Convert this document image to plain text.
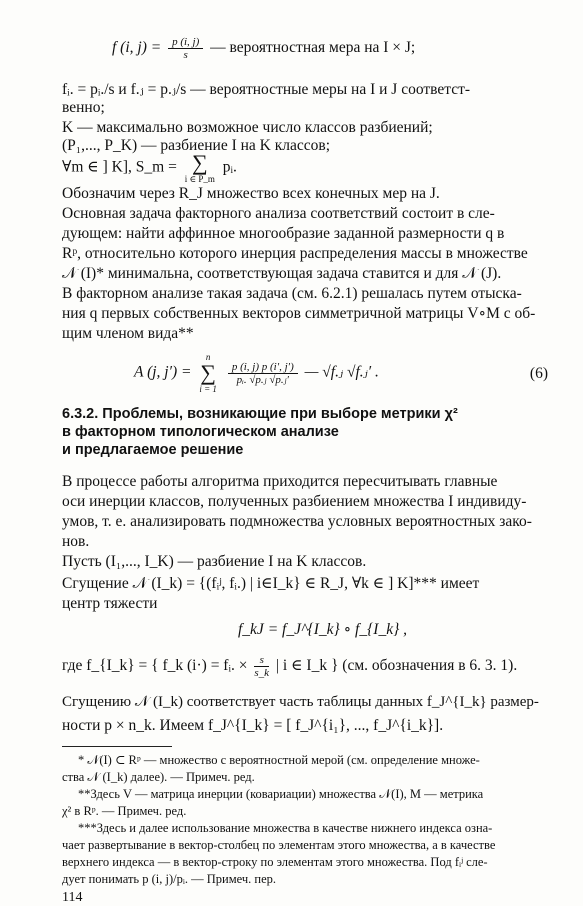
f (i, $j) = \frac{p (i, j)}{s}$ — вероятностная мера на I × J;
fᵢ. = pᵢ./s и f.ⱼ = p.ⱼ/s — вероятностные меры на I и J соответст-
венно;
K — максимально возможное число классов разбиений;
(P₁,..., P_K) — разбиение I на K классов;
∀m ∈ ] K], S_m = ∑
i ∈ P_m pᵢ.
Обозначим через R_J множество всех конечных мер на J.
Основная задача факторного анализа соответствий состоит в сле-
дующем: найти аффинное многообразие заданной размерности q в
Rᵖ, относительно которого инерция распределения массы в множестве
𝒩 (I)* минимальна, соответствующая задача ставится и для 𝒩 (J).
В факторном анализе такая задача (см. 6.2.1) решалась путем отыска-
ния q первых собственных векторов симметричной матрицы V∘M с об-
щим членом вида**
A (j, j′) = n
∑
i = 1
$\frac{p (i, j) p (i', j')}{\text{pᵢ. √p.ⱼ √p.ⱼ′}}$ — √f.ⱼ √f.ⱼ′ .	(6)
6.3.2. Проблемы, возникающие при выборе метрики χ²
в факторном типологическом анализе
и предлагаемое решение
В процессе работы алгоритма приходится пересчитывать главные
оси инерции классов, полученных разбиением множества I индивиду-
умов, т. е. анализировать подмножества условных вероятностных зако-
нов.
Пусть (I₁,..., I_K) — разбиение I на K классов.
Сгущение 𝒩 (I_k) = {(fᵢʲ, fᵢ.) | i∈I_k} ∈ R_J, ∀k ∈ ] K]*** имеет
центр тяжести
f_kJ = f_J^{I_k} ∘ f_{I_k} ,
где f_{I_k} = { f_k (i·) = fᵢ. × $\frac{s}{s\_k}$ | i ∈ I_k } (см. обозначения в 6. 3. 1).
Сгущению 𝒩 (I_k) соответствует часть таблицы данных f_J^{I_k} размер-
ности p × n_k. Имеем f_J^{I_k} = [ f_J^{i₁}, ..., f_J^{i_k}].
* 𝒩(I) ⊂ Rᵖ — множество с вероятностной мерой (см. определение множе-
ства 𝒩 (I_k) далее). — Примеч. ред.
**Здесь V — матрица инерции (ковариации) множества 𝒩(I), M — метрика
χ² в Rᵖ. — Примеч. ред.
***Здесь и далее использование множества в качестве нижнего индекса озна-
чает развертывание в вектор-столбец по элементам этого множества, а в качестве
верхнего индекса — в вектор-строку по элементам этого множества. Под fᵢʲ сле-
дует понимать p (i, j)/pᵢ. — Примеч. пер.
114
